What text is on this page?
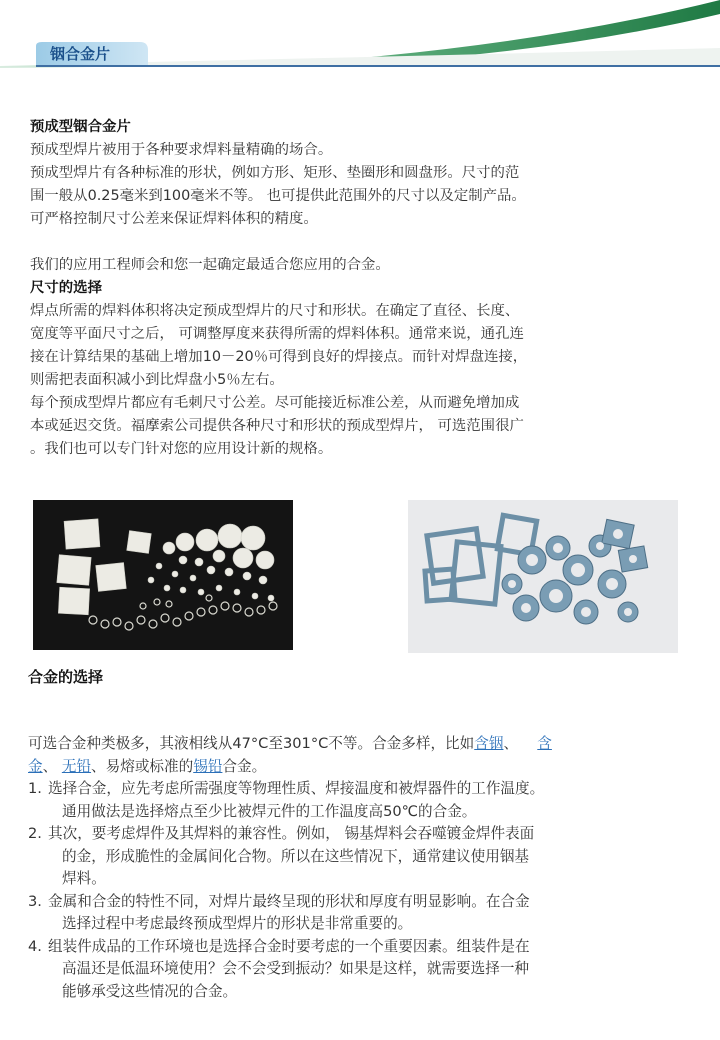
铟合金片

预成型铟合金片

预成型焊片被用于各种要求焊料量精确的场合。

预成型焊片有各种标准的形状，例如方形、矩形、垫圈形和圆盘形。尺寸的范

围一般从0.25毫米到100毫米不等。 也可提供此范围外的尺寸以及定制产品。

可严格控制尺寸公差来保证焊料体积的精度。

我们的应用工程师会和您一起确定最适合您应用的合金。

尺寸的选择

焊点所需的焊料体积将决定预成型焊片的尺寸和形状。在确定了直径、长度、

宽度等平面尺寸之后， 可调整厚度来获得所需的焊料体积。通常来说，通孔连

接在计算结果的基础上增加10－20％可得到良好的焊接点。而针对焊盘连接，

则需把表面积减小到比焊盘小5％左右。

每个预成型焊片都应有毛刺尺寸公差。尽可能接近标准公差，从而避免增加成

本或延迟交货。福摩索公司提供各种尺寸和形状的预成型焊片， 可选范围很广

。我们也可以专门针对您的应用设计新的规格。

合金的选择

可选合金种类极多，其液相线从47°C至301°C不等。合金多样，比如含铟、 　含

金、 无铅、易熔或标准的锡铅合金。

1. 选择合金，应先考虑所需强度等物理性质、焊接温度和被焊器件的工作温度。

通用做法是选择熔点至少比被焊元件的工作温度高50℃的合金。

2. 其次，要考虑焊件及其焊料的兼容性。例如， 锡基焊料会吞噬镀金焊件表面

的金，形成脆性的金属间化合物。所以在这些情况下，通常建议使用铟基

焊料。

3. 金属和合金的特性不同，对焊片最终呈现的形状和厚度有明显影响。在合金

选择过程中考虑最终预成型焊片的形状是非常重要的。

4. 组装件成品的工作环境也是选择合金时要考虑的一个重要因素。组装件是在

高温还是低温环境使用？会不会受到振动？如果是这样，就需要选择一种

能够承受这些情况的合金。
